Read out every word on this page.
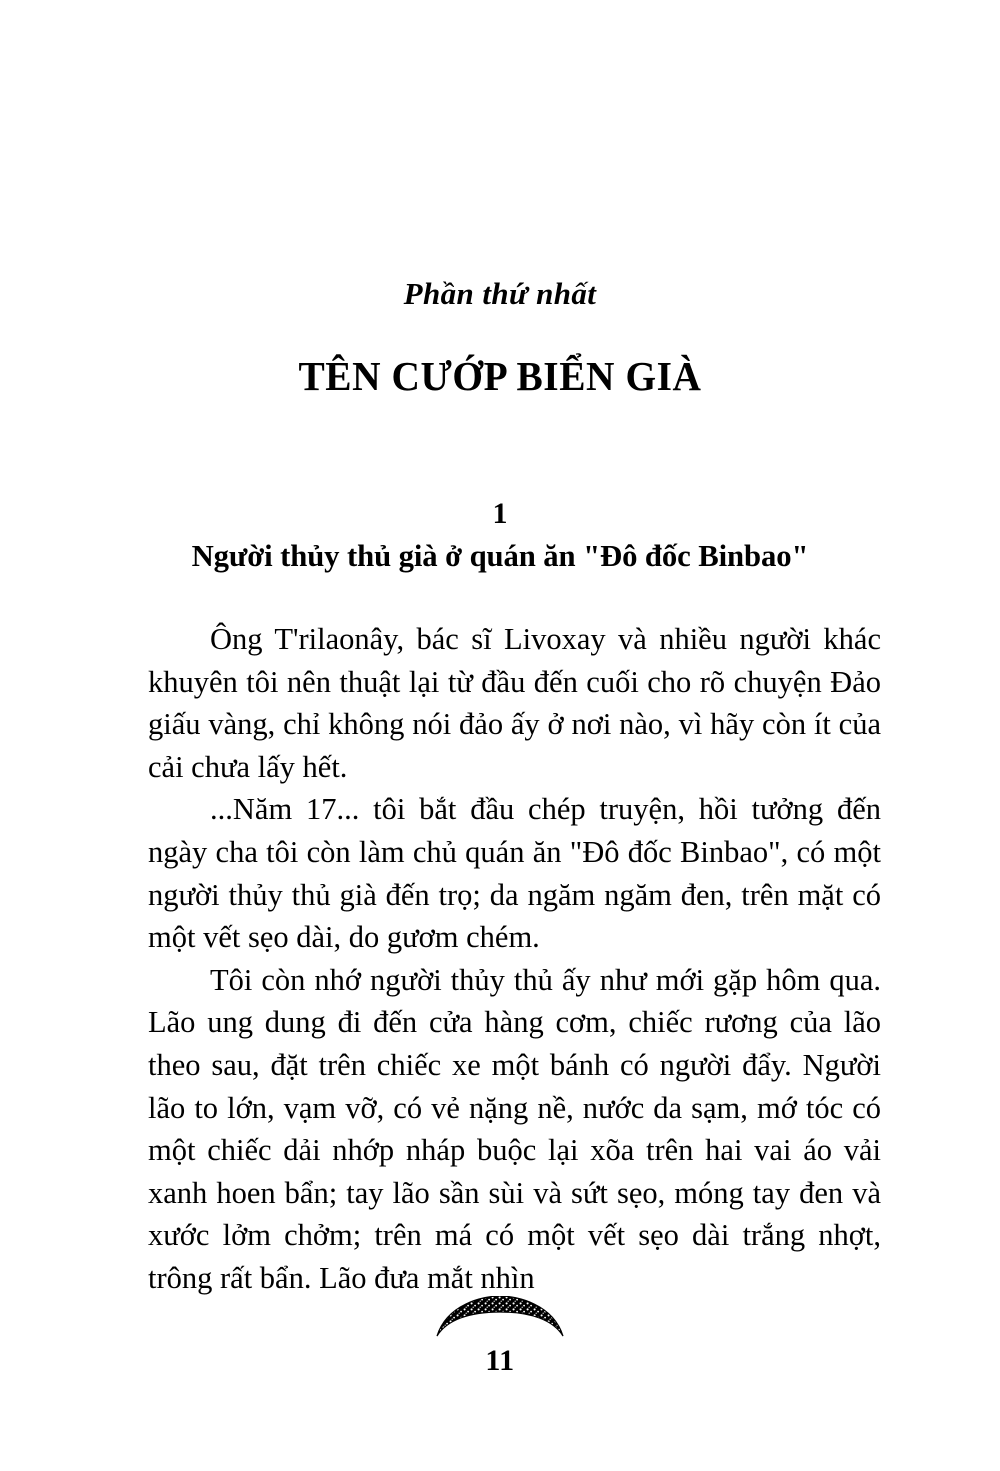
Phần thứ nhất
TÊN CƯỚP BIỂN GIÀ
1
Người thủy thủ già ở quán ăn "Đô đốc Binbao"

Ông T'rilaonây, bác sĩ Livoxay và nhiều người khác khuyên tôi nên thuật lại từ đầu đến cuối cho rõ chuyện Đảo giấu vàng, chỉ không nói đảo ấy ở nơi nào, vì hãy còn ít của cải chưa lấy hết.

...Năm 17... tôi bắt đầu chép truyện, hồi tưởng đến ngày cha tôi còn làm chủ quán ăn "Đô đốc Binbao", có một người thủy thủ già đến trọ; da ngăm ngăm đen, trên mặt có một vết sẹo dài, do gươm chém.

Tôi còn nhớ người thủy thủ ấy như mới gặp hôm qua. Lão ung dung đi đến cửa hàng cơm, chiếc rương của lão theo sau, đặt trên chiếc xe một bánh có người đẩy. Người lão to lớn, vạm vỡ, có vẻ nặng nề, nước da sạm, mớ tóc có một chiếc dải nhớp nháp buộc lại xõa trên hai vai áo vải xanh hoen bẩn; tay lão sần sùi và sứt sẹo, móng tay đen và xước lởm chởm; trên má có một vết sẹo dài trắng nhợt, trông rất bẩn. Lão đưa mắt nhìn

11
